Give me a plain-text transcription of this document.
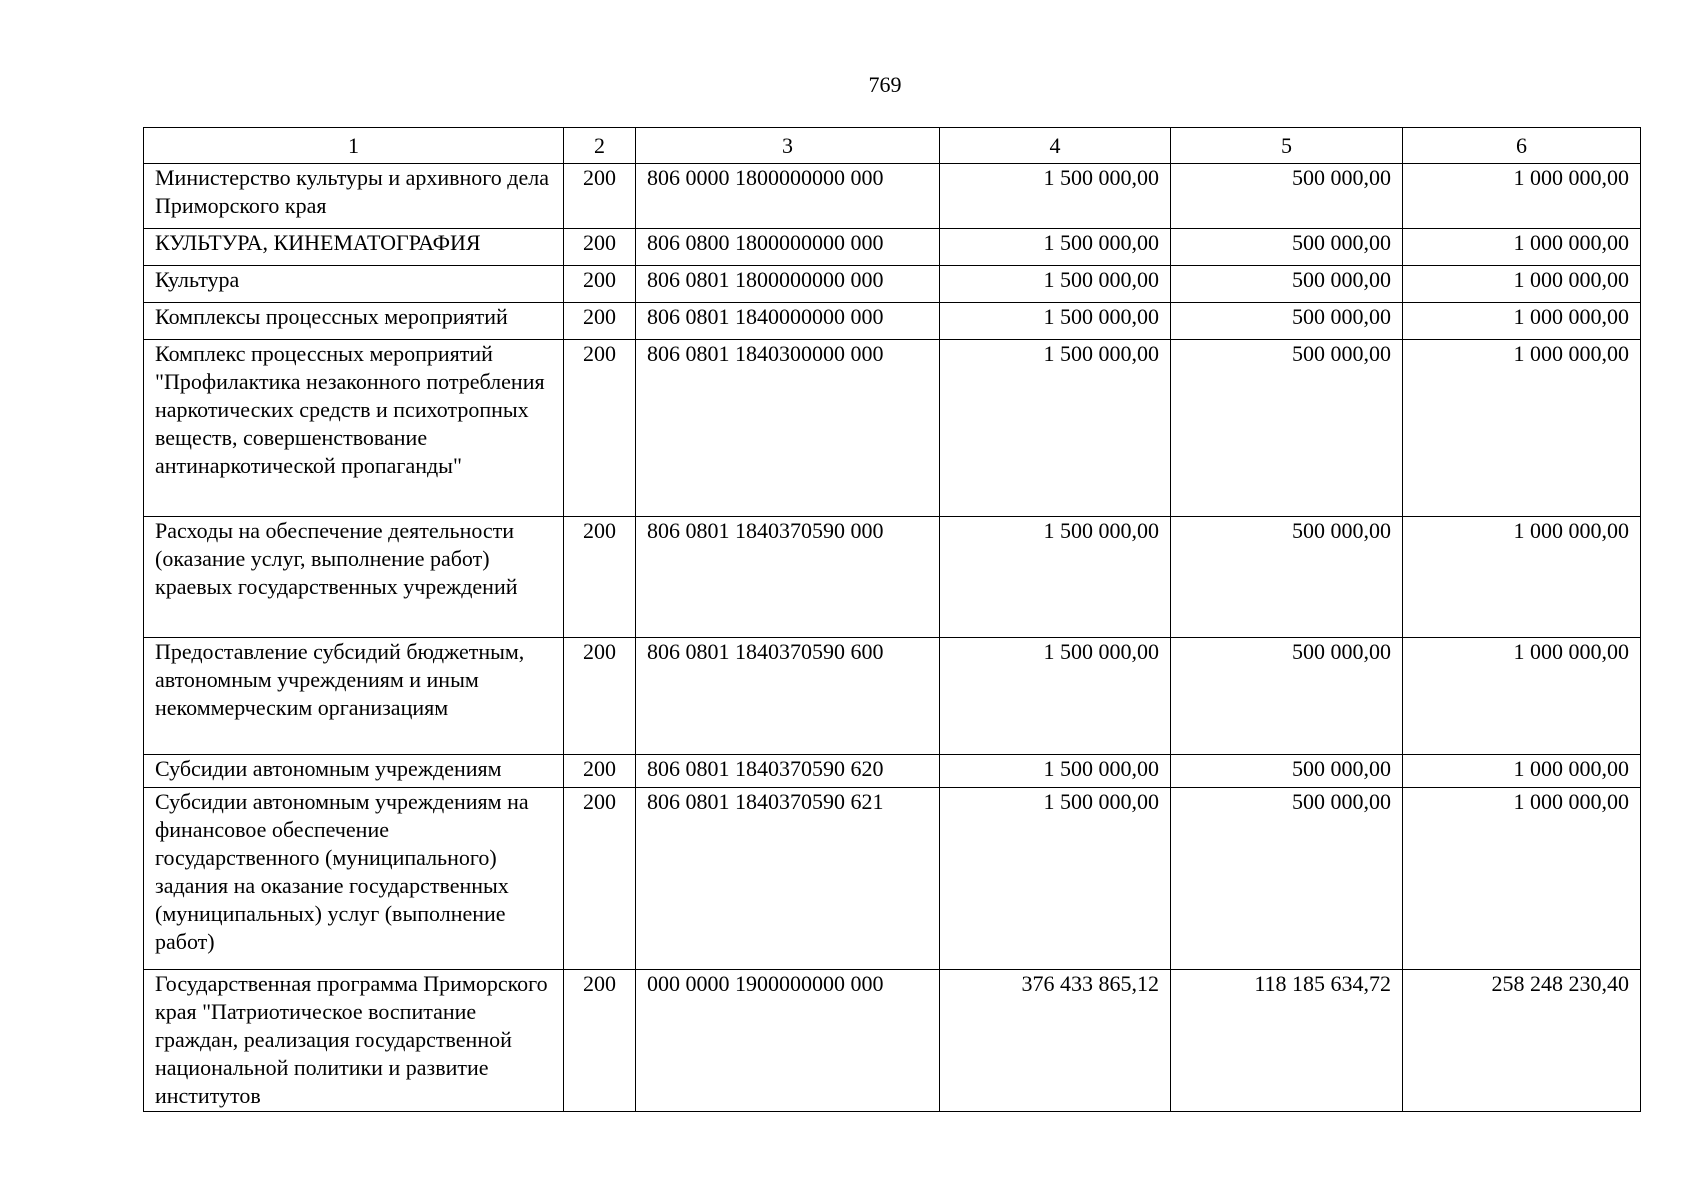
769
1	2	3	4	5	6
Министерство культуры и архивного дела Приморского края	200	806 0000 1800000000 000	1 500 000,00	500 000,00	1 000 000,00
КУЛЬТУРА, КИНЕМАТОГРАФИЯ	200	806 0800 1800000000 000	1 500 000,00	500 000,00	1 000 000,00
Культура	200	806 0801 1800000000 000	1 500 000,00	500 000,00	1 000 000,00
Комплексы процессных мероприятий	200	806 0801 1840000000 000	1 500 000,00	500 000,00	1 000 000,00
Комплекс процессных мероприятий "Профилактика незаконного потребления наркотических средств и психотропных веществ, совершенствование антинаркотической пропаганды"	200	806 0801 1840300000 000	1 500 000,00	500 000,00	1 000 000,00
Расходы на обеспечение деятельности (оказание услуг, выполнение работ) краевых государственных учреждений	200	806 0801 1840370590 000	1 500 000,00	500 000,00	1 000 000,00
Предоставление субсидий бюджетным, автономным учреждениям и иным некоммерческим организациям	200	806 0801 1840370590 600	1 500 000,00	500 000,00	1 000 000,00
Субсидии автономным учреждениям	200	806 0801 1840370590 620	1 500 000,00	500 000,00	1 000 000,00
Субсидии автономным учреждениям на финансовое обеспечение государственного (муниципального) задания на оказание государственных (муниципальных) услуг (выполнение работ)	200	806 0801 1840370590 621	1 500 000,00	500 000,00	1 000 000,00
Государственная программа Приморского края "Патриотическое воспитание граждан, реализация государственной национальной политики и развитие институтов	200	000 0000 1900000000 000	376 433 865,12	118 185 634,72	258 248 230,40
